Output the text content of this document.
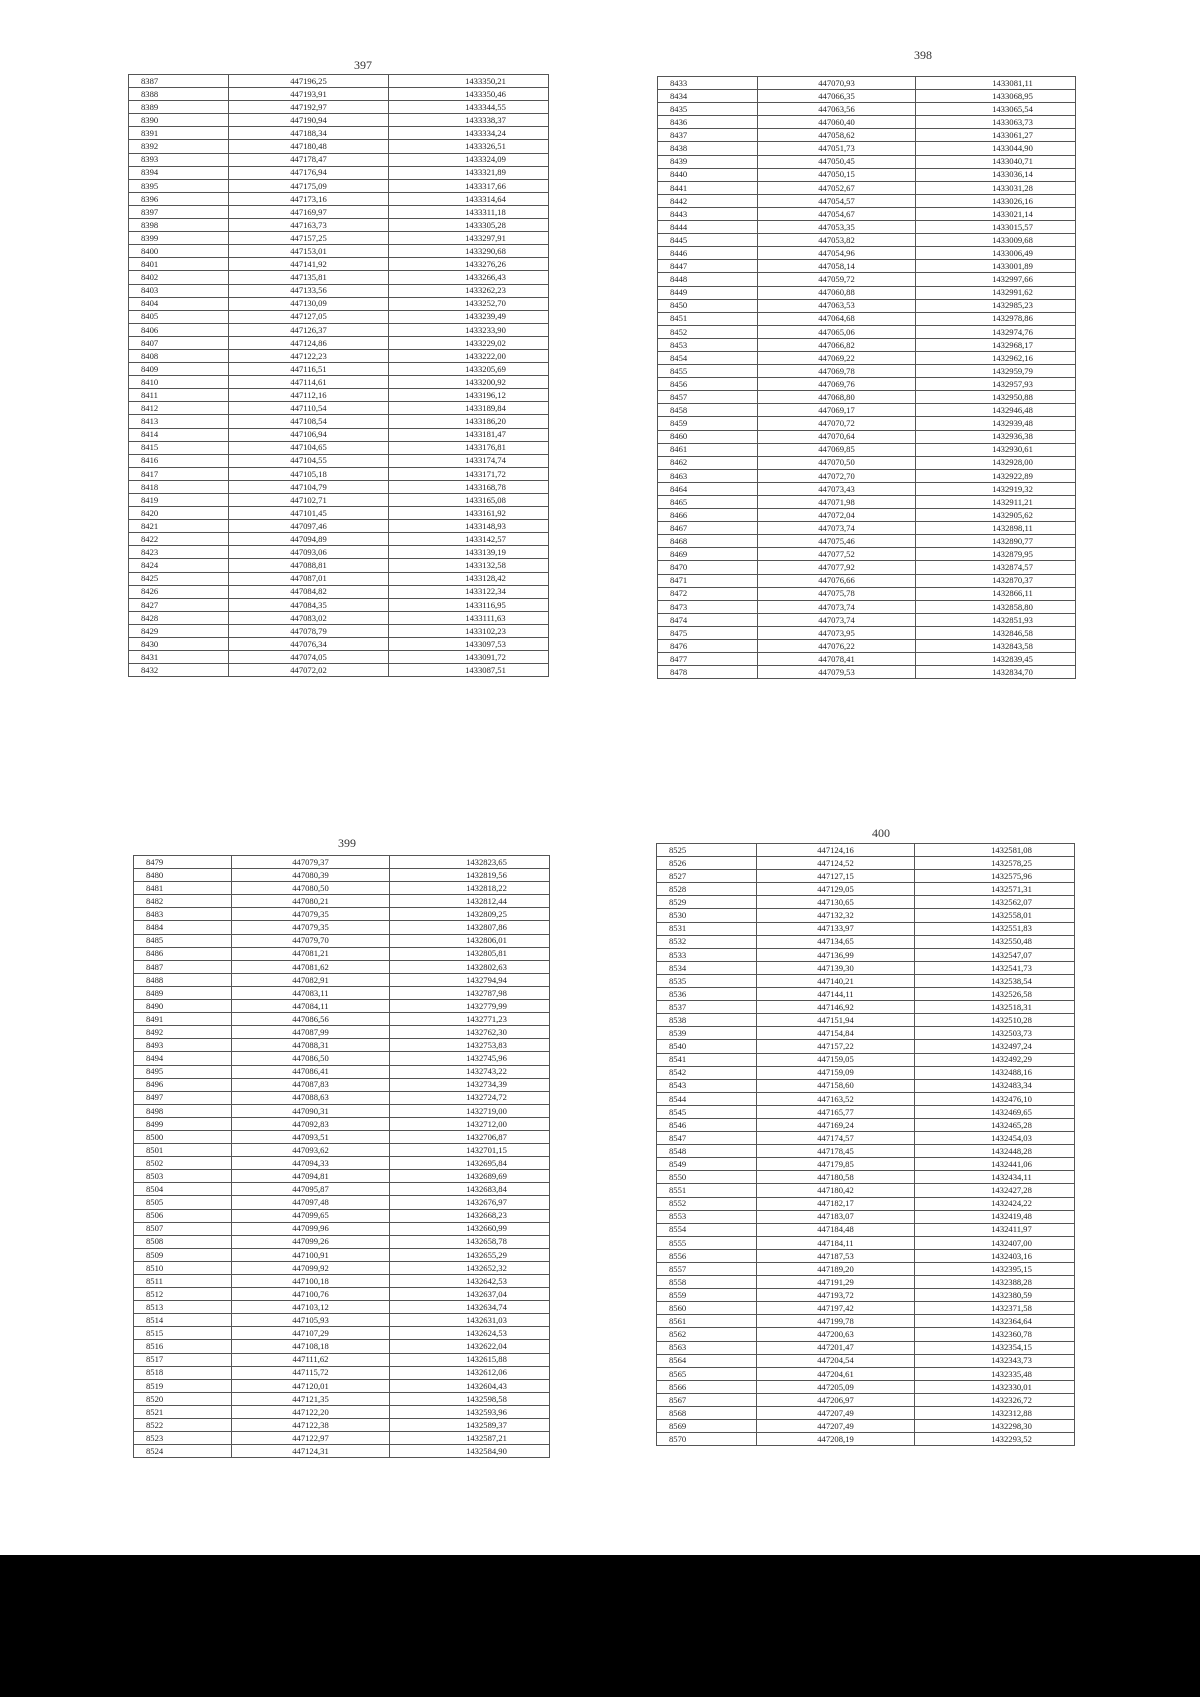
397
8387	447196,25	1433350,21
8388	447193,91	1433350,46
8389	447192,97	1433344,55
8390	447190,94	1433338,37
8391	447188,34	1433334,24
8392	447180,48	1433326,51
8393	447178,47	1433324,09
8394	447176,94	1433321,89
8395	447175,09	1433317,66
8396	447173,16	1433314,64
8397	447169,97	1433311,18
8398	447163,73	1433305,28
8399	447157,25	1433297,91
8400	447153,01	1433290,68
8401	447141,92	1433276,26
8402	447135,81	1433266,43
8403	447133,56	1433262,23
8404	447130,09	1433252,70
8405	447127,05	1433239,49
8406	447126,37	1433233,90
8407	447124,86	1433229,02
8408	447122,23	1433222,00
8409	447116,51	1433205,69
8410	447114,61	1433200,92
8411	447112,16	1433196,12
8412	447110,54	1433189,84
8413	447108,54	1433186,20
8414	447106,94	1433181,47
8415	447104,65	1433176,81
8416	447104,55	1433174,74
8417	447105,18	1433171,72
8418	447104,79	1433168,78
8419	447102,71	1433165,08
8420	447101,45	1433161,92
8421	447097,46	1433148,93
8422	447094,89	1433142,57
8423	447093,06	1433139,19
8424	447088,81	1433132,58
8425	447087,01	1433128,42
8426	447084,82	1433122,34
8427	447084,35	1433116,95
8428	447083,02	1433111,63
8429	447078,79	1433102,23
8430	447076,34	1433097,53
8431	447074,05	1433091,72
8432	447072,02	1433087,51
398
8433	447070,93	1433081,11
8434	447066,35	1433068,95
8435	447063,56	1433065,54
8436	447060,40	1433063,73
8437	447058,62	1433061,27
8438	447051,73	1433044,90
8439	447050,45	1433040,71
8440	447050,15	1433036,14
8441	447052,67	1433031,28
8442	447054,57	1433026,16
8443	447054,67	1433021,14
8444	447053,35	1433015,57
8445	447053,82	1433009,68
8446	447054,96	1433006,49
8447	447058,14	1433001,89
8448	447059,72	1432997,66
8449	447060,88	1432991,62
8450	447063,53	1432985,23
8451	447064,68	1432978,86
8452	447065,06	1432974,76
8453	447066,82	1432968,17
8454	447069,22	1432962,16
8455	447069,78	1432959,79
8456	447069,76	1432957,93
8457	447068,80	1432950,88
8458	447069,17	1432946,48
8459	447070,72	1432939,48
8460	447070,64	1432936,38
8461	447069,85	1432930,61
8462	447070,50	1432928,00
8463	447072,70	1432922,89
8464	447073,43	1432919,32
8465	447071,98	1432911,21
8466	447072,04	1432905,62
8467	447073,74	1432898,11
8468	447075,46	1432890,77
8469	447077,52	1432879,95
8470	447077,92	1432874,57
8471	447076,66	1432870,37
8472	447075,78	1432866,11
8473	447073,74	1432858,80
8474	447073,74	1432851,93
8475	447073,95	1432846,58
8476	447076,22	1432843,58
8477	447078,41	1432839,45
8478	447079,53	1432834,70
399
8479	447079,37	1432823,65
8480	447080,39	1432819,56
8481	447080,50	1432818,22
8482	447080,21	1432812,44
8483	447079,35	1432809,25
8484	447079,35	1432807,86
8485	447079,70	1432806,01
8486	447081,21	1432805,81
8487	447081,62	1432802,63
8488	447082,91	1432794,94
8489	447083,11	1432787,98
8490	447084,11	1432779,99
8491	447086,56	1432771,23
8492	447087,99	1432762,30
8493	447088,31	1432753,83
8494	447086,50	1432745,96
8495	447086,41	1432743,22
8496	447087,83	1432734,39
8497	447088,63	1432724,72
8498	447090,31	1432719,00
8499	447092,83	1432712,00
8500	447093,51	1432706,87
8501	447093,62	1432701,15
8502	447094,33	1432695,84
8503	447094,81	1432689,69
8504	447095,87	1432683,84
8505	447097,48	1432676,97
8506	447099,65	1432668,23
8507	447099,96	1432660,99
8508	447099,26	1432658,78
8509	447100,91	1432655,29
8510	447099,92	1432652,32
8511	447100,18	1432642,53
8512	447100,76	1432637,04
8513	447103,12	1432634,74
8514	447105,93	1432631,03
8515	447107,29	1432624,53
8516	447108,18	1432622,04
8517	447111,62	1432615,88
8518	447115,72	1432612,06
8519	447120,01	1432604,43
8520	447121,35	1432598,58
8521	447122,20	1432593,96
8522	447122,38	1432589,37
8523	447122,97	1432587,21
8524	447124,31	1432584,90
400
8525	447124,16	1432581,08
8526	447124,52	1432578,25
8527	447127,15	1432575,96
8528	447129,05	1432571,31
8529	447130,65	1432562,07
8530	447132,32	1432558,01
8531	447133,97	1432551,83
8532	447134,65	1432550,48
8533	447136,99	1432547,07
8534	447139,30	1432541,73
8535	447140,21	1432538,54
8536	447144,11	1432526,58
8537	447146,92	1432518,31
8538	447151,94	1432510,28
8539	447154,84	1432503,73
8540	447157,22	1432497,24
8541	447159,05	1432492,29
8542	447159,09	1432488,16
8543	447158,60	1432483,34
8544	447163,52	1432476,10
8545	447165,77	1432469,65
8546	447169,24	1432465,28
8547	447174,57	1432454,03
8548	447178,45	1432448,28
8549	447179,85	1432441,06
8550	447180,58	1432434,11
8551	447180,42	1432427,28
8552	447182,17	1432424,22
8553	447183,07	1432419,48
8554	447184,48	1432411,97
8555	447184,11	1432407,00
8556	447187,53	1432403,16
8557	447189,20	1432395,15
8558	447191,29	1432388,28
8559	447193,72	1432380,59
8560	447197,42	1432371,58
8561	447199,78	1432364,64
8562	447200,63	1432360,78
8563	447201,47	1432354,15
8564	447204,54	1432343,73
8565	447204,61	1432335,48
8566	447205,09	1432330,01
8567	447206,97	1432326,72
8568	447207,49	1432312,88
8569	447207,49	1432298,30
8570	447208,19	1432293,52
